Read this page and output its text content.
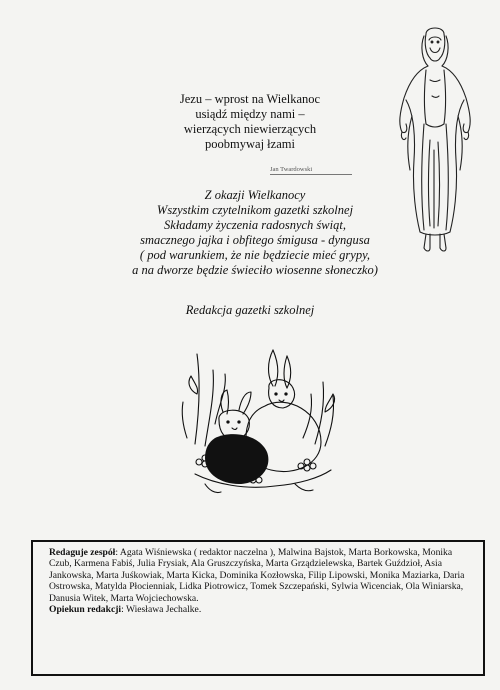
Jezu – wprost na Wielkanoc
usiądź między nami –
wierzących niewierzących
poobmywaj łzami
Jan Twardowski
Z okazji Wielkanocy
Wszystkim czytelnikom gazetki szkolnej
Składamy życzenia radosnych świąt,
smacznego jajka i obfitego śmigusa - dyngusa
( pod warunkiem, że nie będziecie mieć grypy,
a na dworze będzie świeciło wiosenne słoneczko)
Redakcja gazetki szkolnej

Redaguje zespół: Agata Wiśniewska ( redaktor naczelna ), Malwina Bajstok, Marta Borkowska, Monika Czub, Karmena Fabiś, Julia Frysiak, Ala Gruszczyńska, Marta Grządzielewska, Bartek Guździoł, Asia Jankowska, Marta Juśkowiak, Marta Kicka, Dominika Kozłowska, Filip Lipowski, Monika Maziarka, Daria Ostrowska, Matylda Płocienniak, Lidka Piotrowicz, Tomek Szczepański, Sylwia Wicenciak, Ola Winiarska, Danusia Witek, Marta Wojciechowska.

Opiekun redakcji: Wiesława Jechalke.
